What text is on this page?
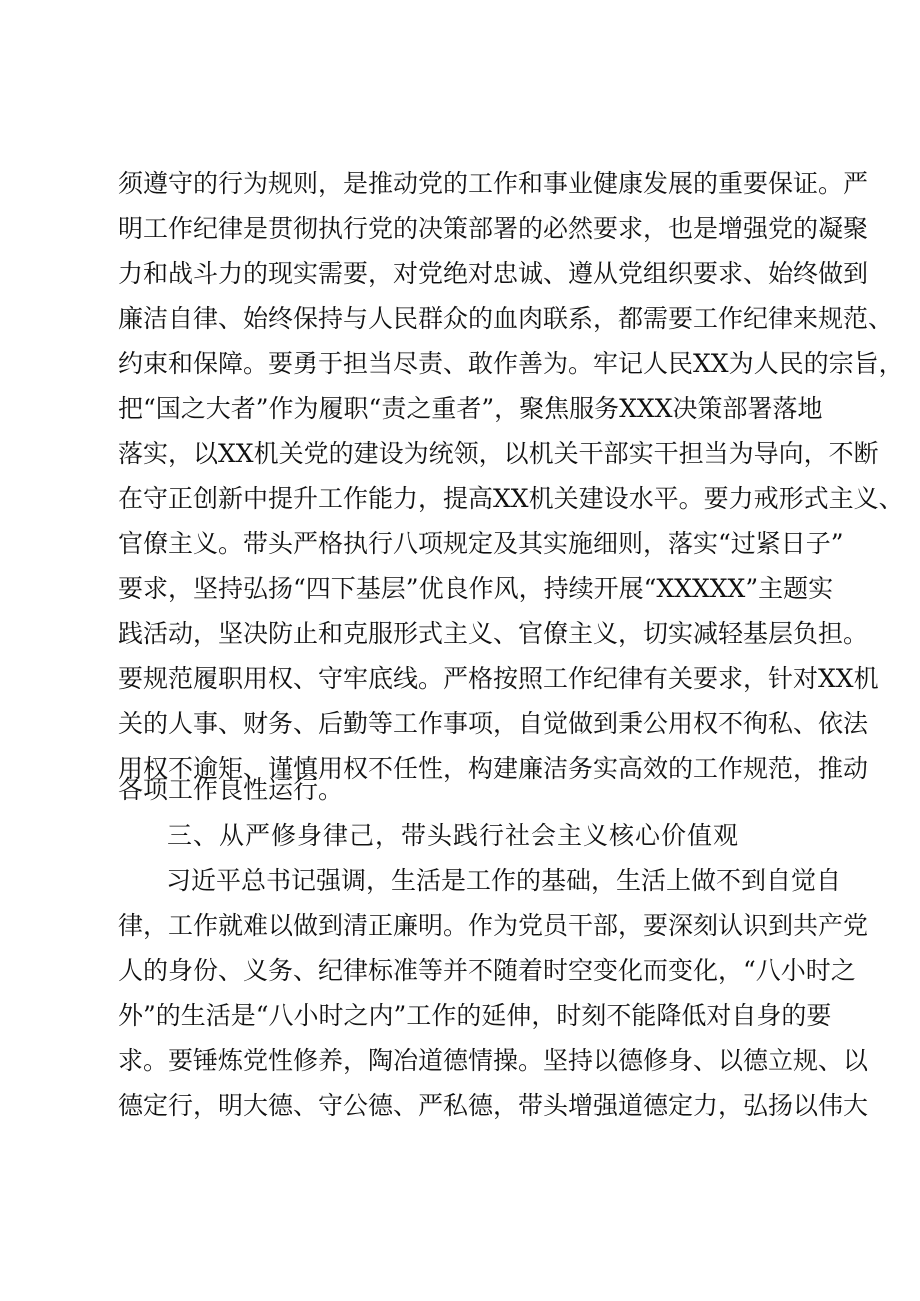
须遵守的行为规则，是推动党的工作和事业健康发展的重要保证。严
明工作纪律是贯彻执行党的决策部署的必然要求，也是增强党的凝聚
力和战斗力的现实需要，对党绝对忠诚、遵从党组织要求、始终做到
廉洁自律、始终保持与人民群众的血肉联系，都需要工作纪律来规范、
约束和保障。要勇于担当尽责、敢作善为。牢记人民XX为人民的宗旨，
把“国之大者”作为履职“责之重者”，聚焦服务XXX决策部署落地
落实，以XX机关党的建设为统领，以机关干部实干担当为导向，不断
在守正创新中提升工作能力，提高XX机关建设水平。要力戒形式主义、
官僚主义。带头严格执行八项规定及其实施细则，落实“过紧日子”
要求，坚持弘扬“四下基层”优良作风，持续开展“XXXXX”主题实
践活动，坚决防止和克服形式主义、官僚主义，切实减轻基层负担。
要规范履职用权、守牢底线。严格按照工作纪律有关要求，针对XX机
关的人事、财务、后勤等工作事项，自觉做到秉公用权不徇私、依法
用权不逾矩、谨慎用权不任性，构建廉洁务实高效的工作规范，推动
各项工作良性运行。
三、从严修身律己，带头践行社会主义核心价值观
习近平总书记强调，生活是工作的基础，生活上做不到自觉自
律，工作就难以做到清正廉明。作为党员干部，要深刻认识到共产党
人的身份、义务、纪律标准等并不随着时空变化而变化，“八小时之
外”的生活是“八小时之内”工作的延伸，时刻不能降低对自身的要
求。要锤炼党性修养，陶冶道德情操。坚持以德修身、以德立规、以
德定行，明大德、守公德、严私德，带头增强道德定力，弘扬以伟大
